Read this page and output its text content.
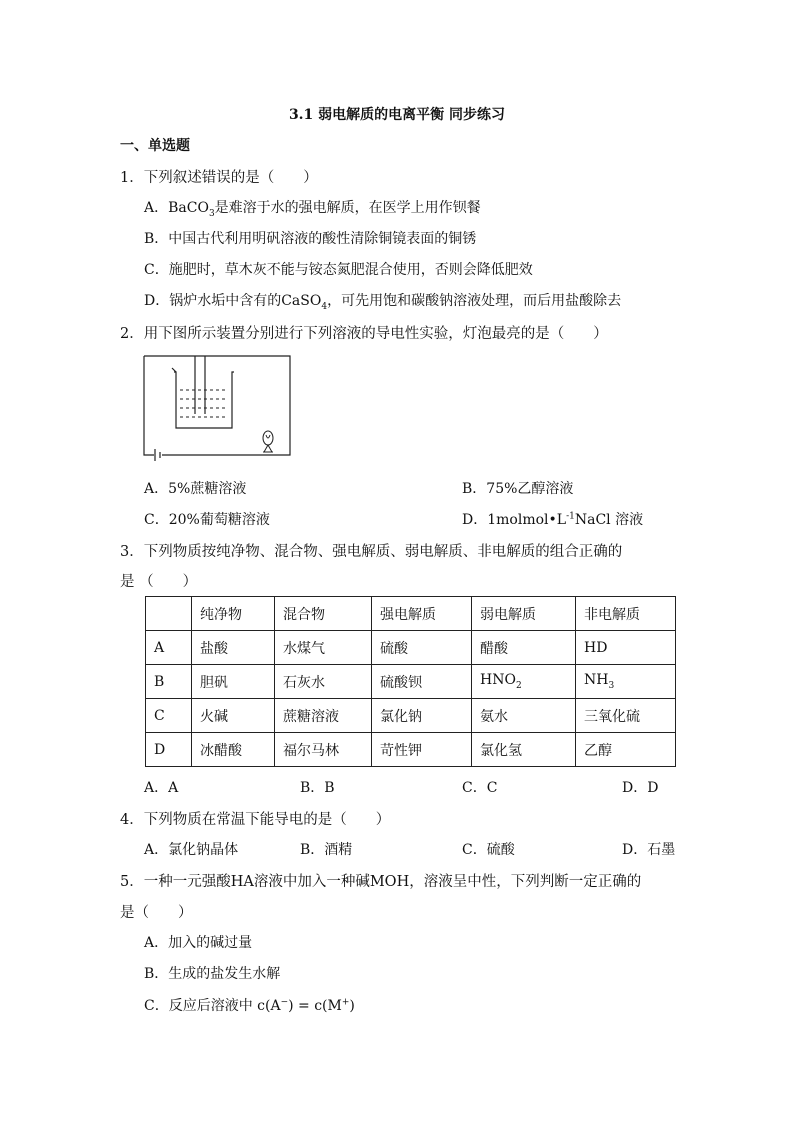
3.1 弱电解质的电离平衡 同步练习
一、单选题
1．下列叙述错误的是（　　）
A．BaCO$_3$是难溶于水的强电解质，在医学上用作钡餐
B．中国古代利用明矾溶液的酸性清除铜镜表面的铜锈
C．施肥时，草木灰不能与铵态氮肥混合使用，否则会降低肥效
D．锅炉水垢中含有的CaSO$_4$，可先用饱和碳酸钠溶液处理，而后用盐酸除去
2．用下图所示装置分别进行下列溶液的导电性实验，灯泡最亮的是（　　）
A．5%蔗糖溶液	B．75%乙醇溶液
C．20%葡萄糖溶液	D．$1molmol•L^{-1}NaCl$ 溶液
3．下列物质按纯净物、混合物、强电解质、弱电解质、非电解质的组合正确的
是 （　　）
	纯净物	混合物	强电解质	弱电解质	非电解质
A	盐酸	水煤气	硫酸	醋酸	HD
B	胆矾	石灰水	硫酸钡	$HNO_2$	$NH_3$
C	火碱	蔗糖溶液	氯化钠	氨水	三氧化硫
D	冰醋酸	福尔马林	苛性钾	氯化氢	乙醇
A．A	B．B	C．C	D．D
4．下列物质在常温下能导电的是（　　）
A．氯化钠晶体	B．酒精	C．硫酸	D．石墨
5．一种一元强酸HA溶液中加入一种碱MOH，溶液呈中性，下列判断一定正确的
是（　　）
A．加入的碱过量
B．生成的盐发生水解
C．反应后溶液中 c(A−) = c(M+)
